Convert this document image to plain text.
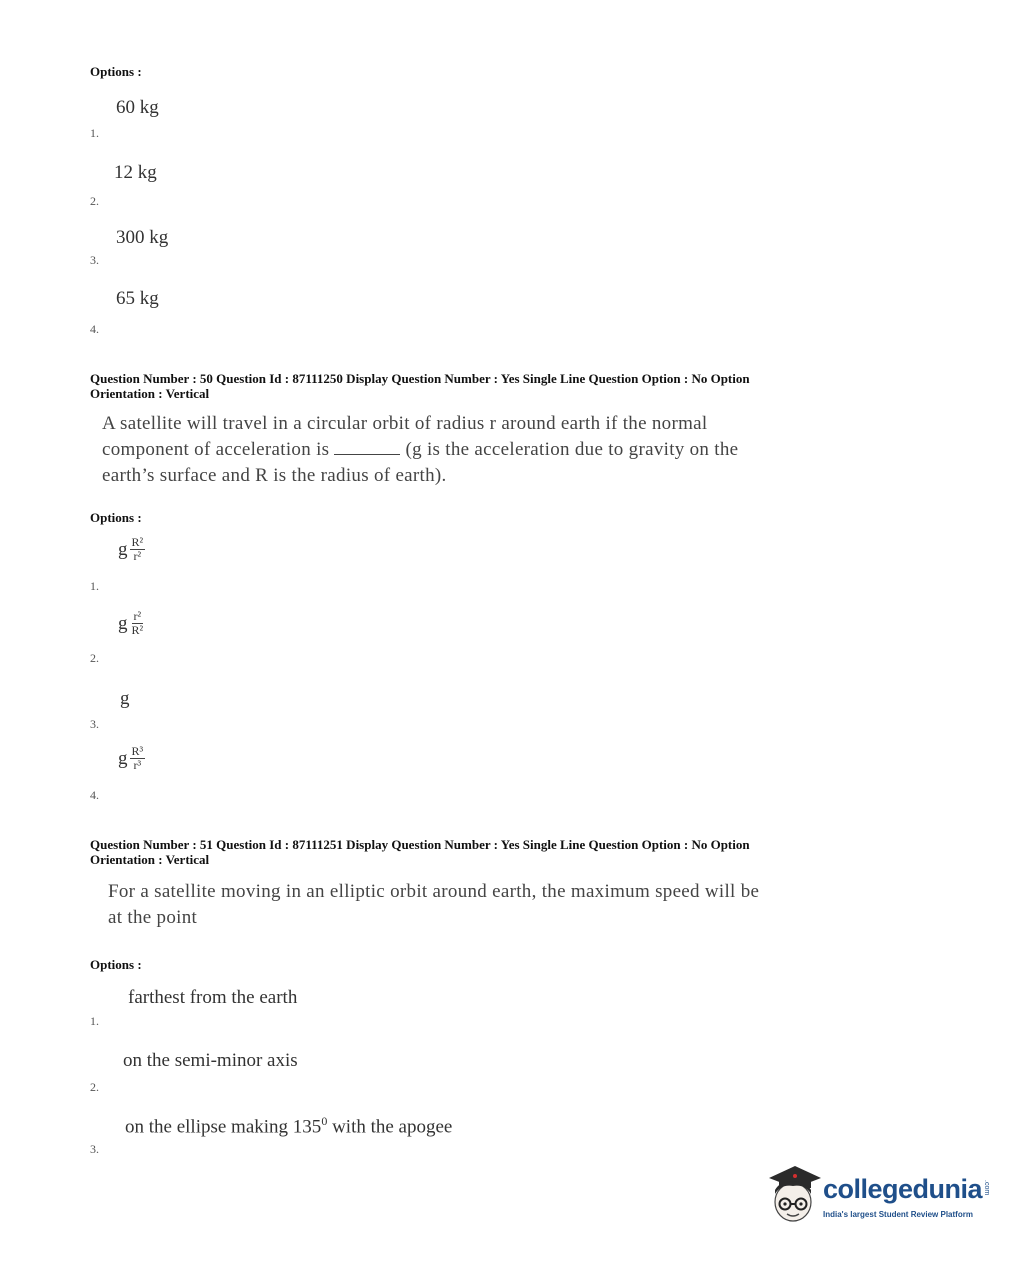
Options :
60 kg
1.
12 kg
2.
300 kg
3.
65 kg
4.
Question Number : 50 Question Id : 87111250 Display Question Number : Yes Single Line Question Option : No Option
Orientation : Vertical
A satellite will travel in a circular orbit of radius r around earth if the normal
component of acceleration is	(g is the acceleration due to gravity on the
earth’s surface and R is the radius of earth).
Options :
g $\frac{\text{R²}}{\text{r²}}$
1.
g $\frac{\text{r²}}{\text{R²}}$
2.
g
3.
g $\frac{\text{R³}}{\text{r³}}$
4.
Question Number : 51 Question Id : 87111251 Display Question Number : Yes Single Line Question Option : No Option
Orientation : Vertical
For a satellite moving in an elliptic orbit around earth, the maximum speed will be
at the point
Options :
farthest from the earth
1.
on the semi-minor axis
2.
on the ellipse making $135^0$ with the apogee
3.
collegedunia .com
India's largest Student Review Platform
